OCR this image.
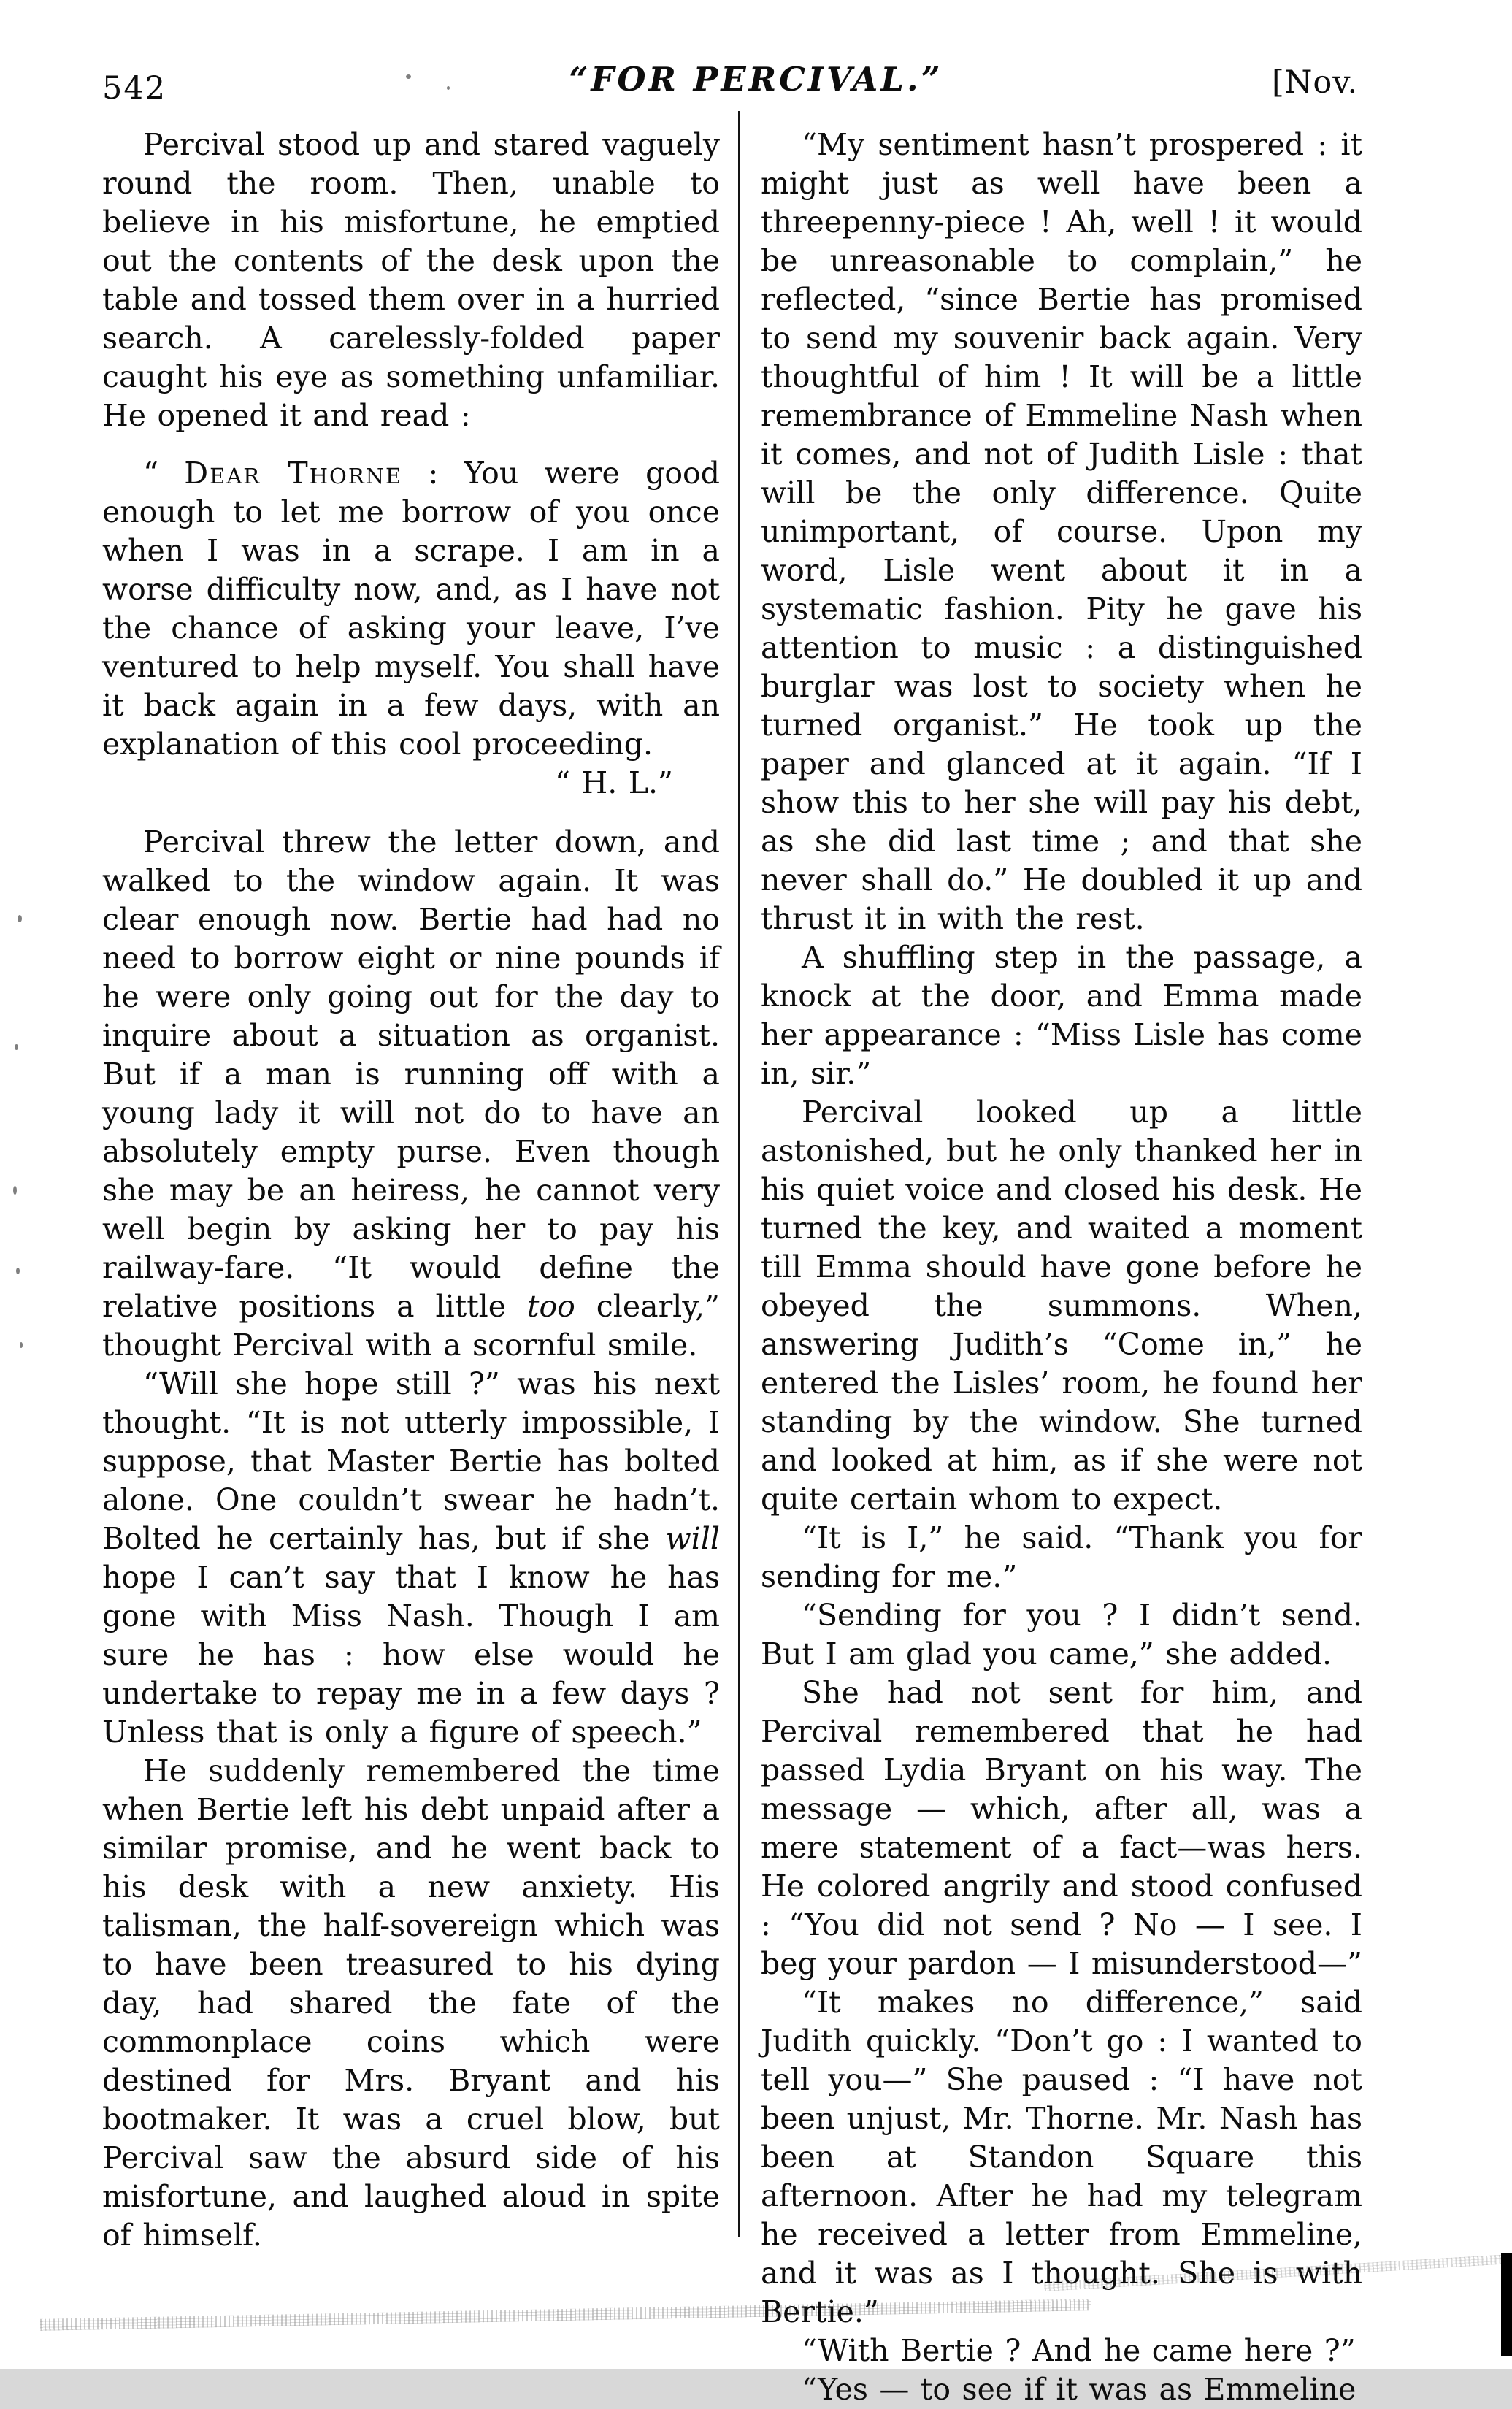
542	“FOR PERCIVAL.”	[Nov.

Percival stood up and stared vaguely round the room. Then, unable to believe in his misfortune, he emptied out the contents of the desk upon the table and tossed them over in a hurried search. A carelessly-folded paper caught his eye as something unfamiliar. He opened it and read :

“ Dear Thorne : You were good enough to let me borrow of you once when I was in a scrape. I am in a worse difficulty now, and, as I have not the chance of asking your leave, I’ve ventured to help myself. You shall have it back again in a few days, with an explanation of this cool proceeding.

“ H. L.”

Percival threw the letter down, and walked to the window again. It was clear enough now. Bertie had had no need to borrow eight or nine pounds if he were only going out for the day to inquire about a situation as organist. But if a man is running off with a young lady it will not do to have an absolutely empty purse. Even though she may be an heiress, he cannot very well begin by asking her to pay his railway-fare. “It would define the relative positions a little too clearly,” thought Percival with a scornful smile.

“Will she hope still ?” was his next thought. “It is not utterly impossible, I suppose, that Master Bertie has bolted alone. One couldn’t swear he hadn’t. Bolted he certainly has, but if she will hope I can’t say that I know he has gone with Miss Nash. Though I am sure he has : how else would he undertake to repay me in a few days ? Unless that is only a figure of speech.”

He suddenly remembered the time when Bertie left his debt unpaid after a similar promise, and he went back to his desk with a new anxiety. His talisman, the half-sovereign which was to have been treasured to his dying day, had shared the fate of the commonplace coins which were destined for Mrs. Bryant and his bootmaker. It was a cruel blow, but Percival saw the absurd side of his misfortune, and laughed aloud in spite of himself.

“My sentiment hasn’t prospered : it might just as well have been a threepenny-piece ! Ah, well ! it would be unreasonable to complain,” he reflected, “since Bertie has promised to send my souvenir back again. Very thoughtful of him ! It will be a little remembrance of Emmeline Nash when it comes, and not of Judith Lisle : that will be the only difference. Quite unimportant, of course. Upon my word, Lisle went about it in a systematic fashion. Pity he gave his attention to music : a distinguished burglar was lost to society when he turned organist.” He took up the paper and glanced at it again. “If I show this to her she will pay his debt, as she did last time ; and that she never shall do.” He doubled it up and thrust it in with the rest.

A shuffling step in the passage, a knock at the door, and Emma made her appearance : “Miss Lisle has come in, sir.”

Percival looked up a little astonished, but he only thanked her in his quiet voice and closed his desk. He turned the key, and waited a moment till Emma should have gone before he obeyed the summons. When, answering Judith’s “Come in,” he entered the Lisles’ room, he found her standing by the window. She turned and looked at him, as if she were not quite certain whom to expect.

“It is I,” he said. “Thank you for sending for me.”

“Sending for you ? I didn’t send. But I am glad you came,” she added.

She had not sent for him, and Percival remembered that he had passed Lydia Bryant on his way. The message — which, after all, was a mere statement of a fact—was hers. He colored angrily and stood confused : “You did not send ? No — I see. I beg your pardon — I misunderstood—”

“It makes no difference,” said Judith quickly. “Don’t go : I wanted to tell you—” She paused : “I have not been unjust, Mr. Thorne. Mr. Nash has been at Standon Square this afternoon. After he had my telegram he received a letter from Emmeline, and it was as I thought. She is with Bertie.”

“With Bertie ? And he came here ?”

“Yes — to see if it was as Emmeline
